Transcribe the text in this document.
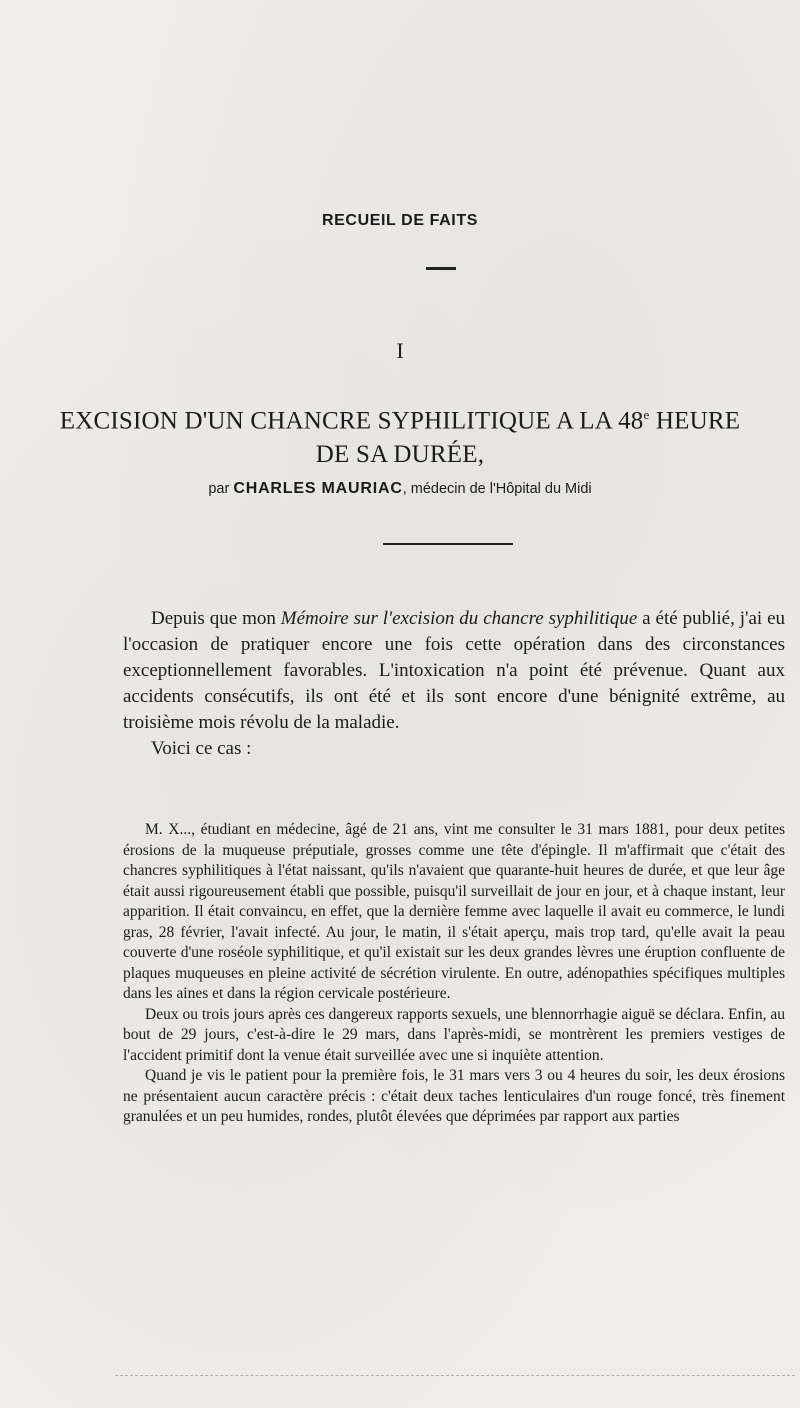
RECUEIL DE FAITS
I
EXCISION D'UN CHANCRE SYPHILITIQUE A LA 48e HEURE
DE SA DURÉE,
par CHARLES MAURIAC, médecin de l'Hôpital du Midi

Depuis que mon Mémoire sur l'excision du chancre syphilitique a été publié, j'ai eu l'occasion de pratiquer encore une fois cette opération dans des circonstances exceptionnellement favorables. L'intoxication n'a point été prévenue. Quant aux accidents consécutifs, ils ont été et ils sont encore d'une bénignité extrême, au troisième mois révolu de la maladie.

Voici ce cas :

M. X..., étudiant en médecine, âgé de 21 ans, vint me consulter le 31 mars 1881, pour deux petites érosions de la muqueuse préputiale, grosses comme une tête d'épingle. Il m'affirmait que c'était des chancres syphilitiques à l'état naissant, qu'ils n'avaient que quarante-huit heures de durée, et que leur âge était aussi rigoureusement établi que possible, puisqu'il surveillait de jour en jour, et à chaque instant, leur apparition. Il était convaincu, en effet, que la dernière femme avec laquelle il avait eu commerce, le lundi gras, 28 février, l'avait infecté. Au jour, le matin, il s'était aperçu, mais trop tard, qu'elle avait la peau couverte d'une roséole syphilitique, et qu'il existait sur les deux grandes lèvres une éruption confluente de plaques muqueuses en pleine activité de sécrétion virulente. En outre, adénopathies spécifiques multiples dans les aines et dans la région cervicale postérieure.

Deux ou trois jours après ces dangereux rapports sexuels, une blennorrhagie aiguë se déclara. Enfin, au bout de 29 jours, c'est-à-dire le 29 mars, dans l'après-midi, se montrèrent les premiers vestiges de l'accident primitif dont la venue était surveillée avec une si inquiète attention.

Quand je vis le patient pour la première fois, le 31 mars vers 3 ou 4 heures du soir, les deux érosions ne présentaient aucun caractère précis : c'était deux taches lenticulaires d'un rouge foncé, très finement granulées et un peu humides, rondes, plutôt élevées que déprimées par rapport aux parties
